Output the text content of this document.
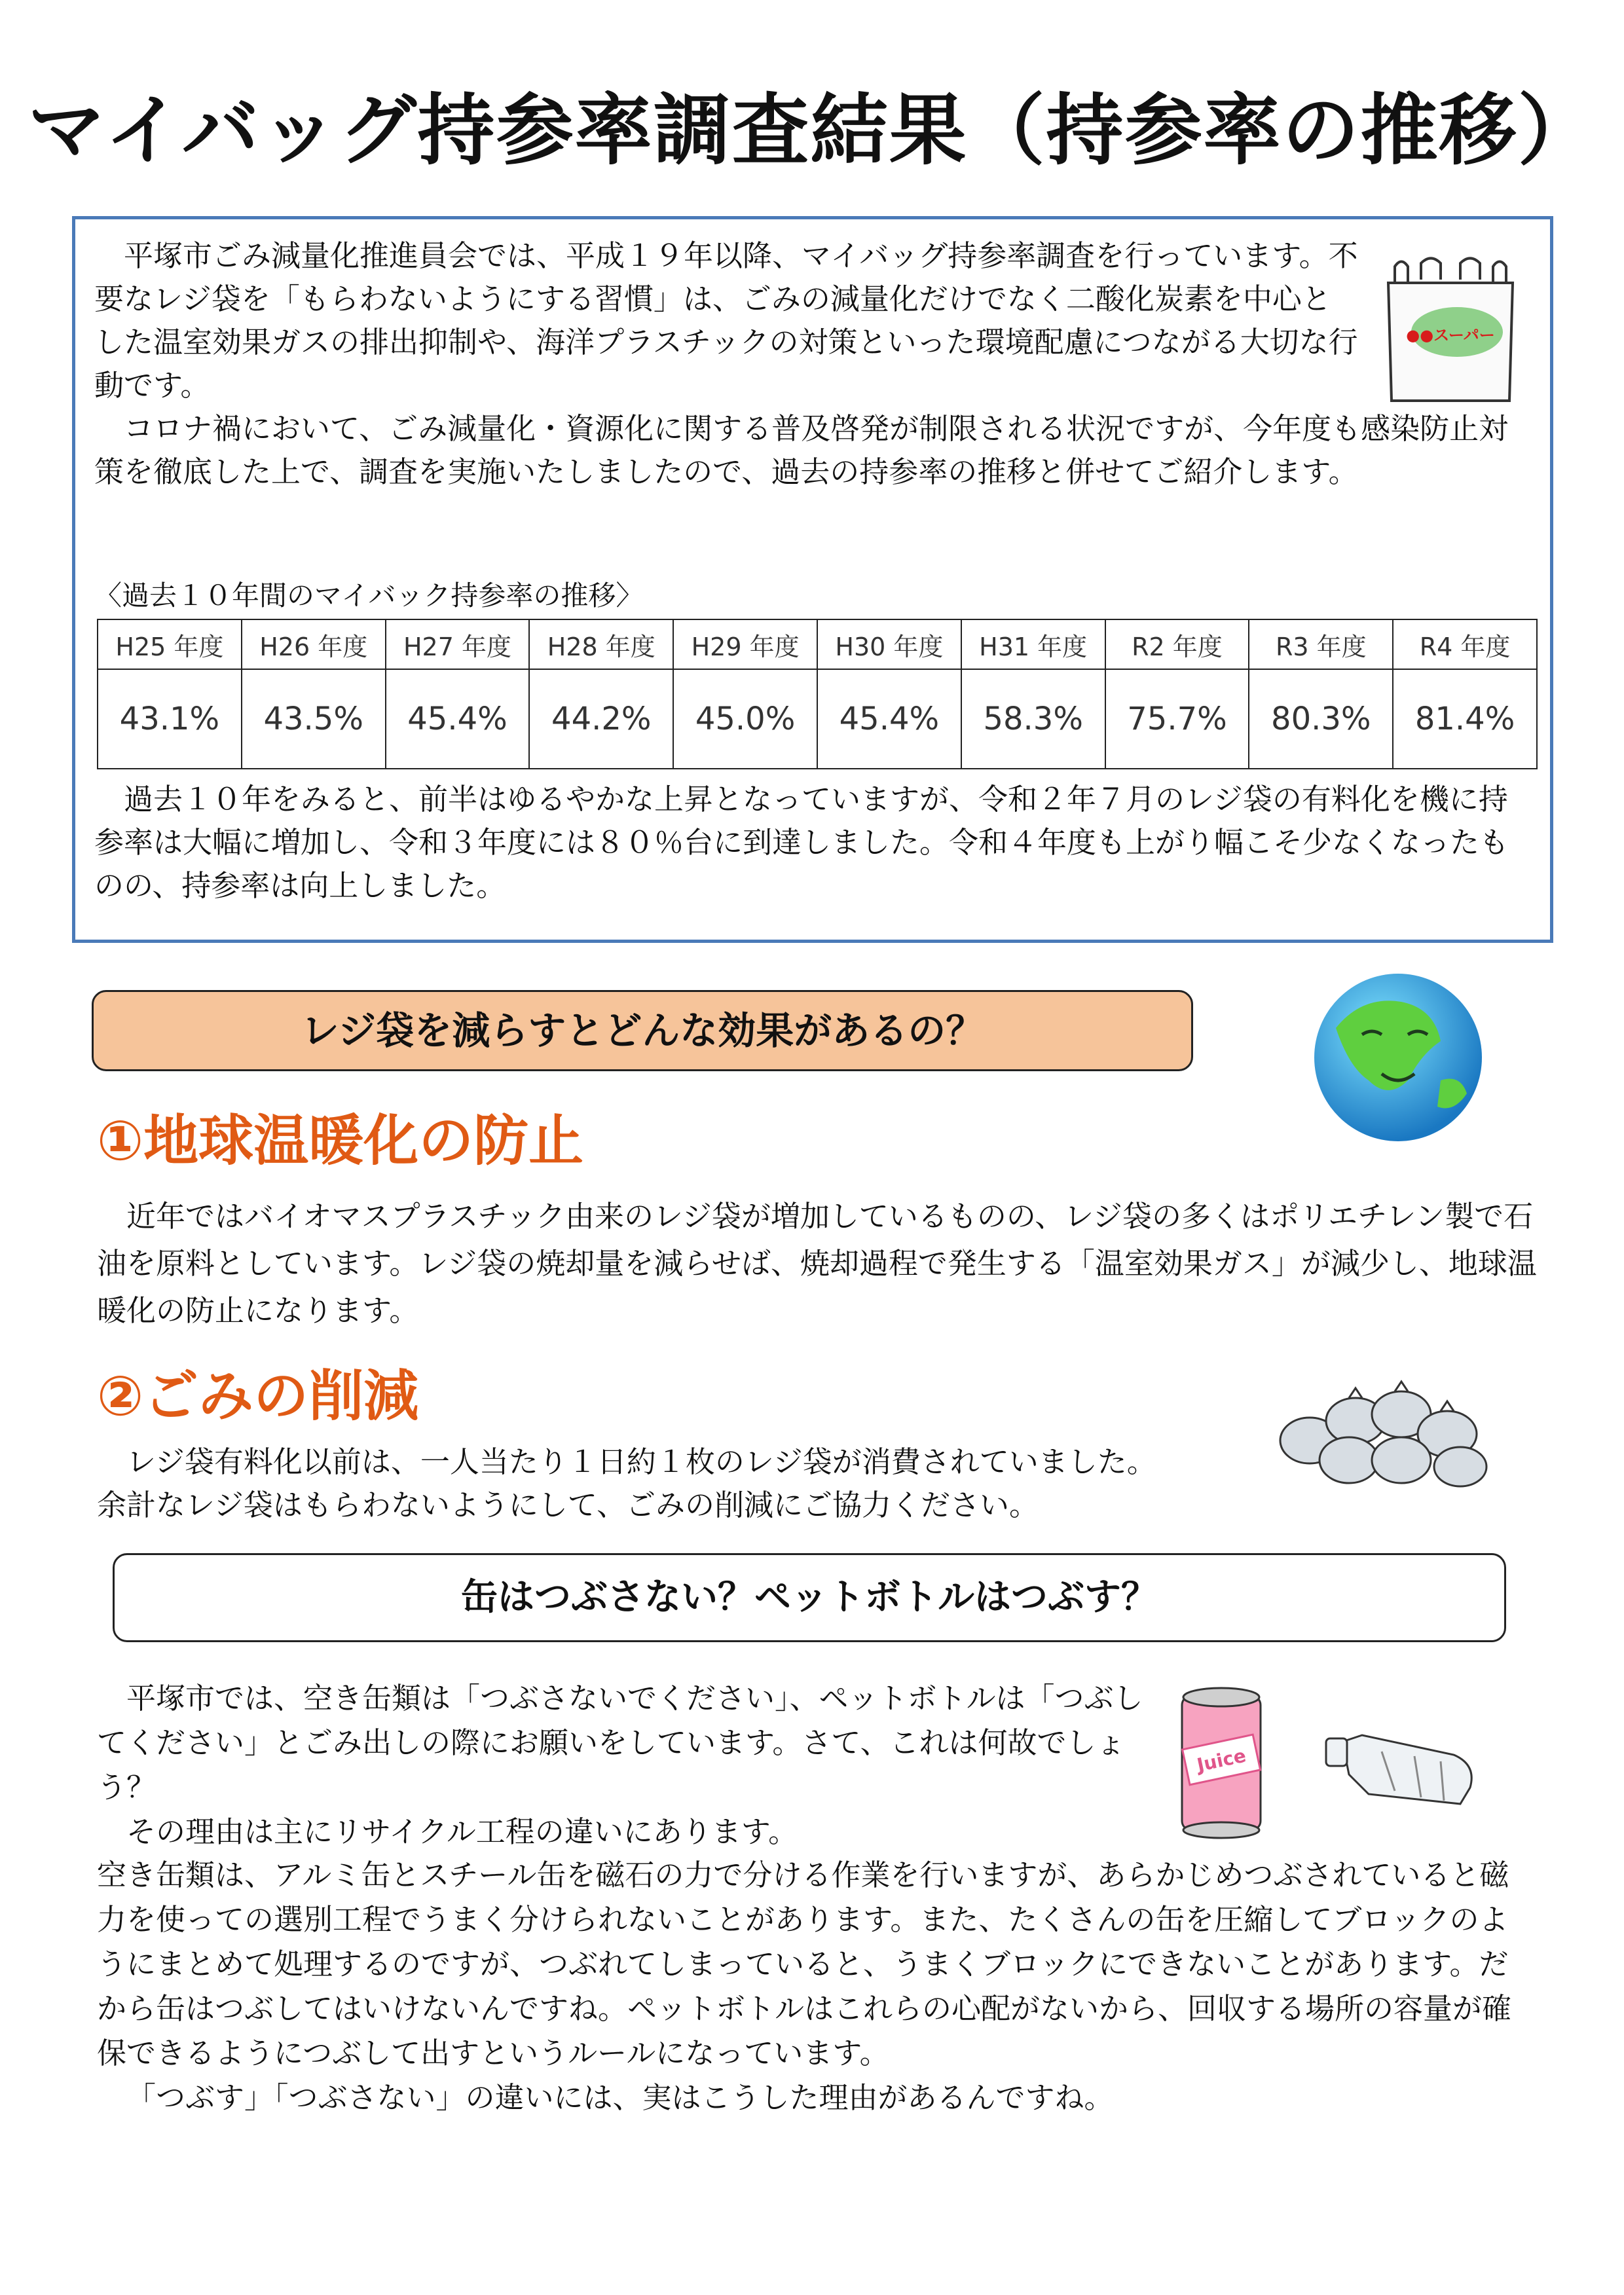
マイバッグ持参率調査結果（持参率の推移）

平塚市ごみ減量化推進員会では、平成１９年以降、マイバッグ持参率調査を行っています。不要なレジ袋を「もらわないようにする習慣」は、ごみの減量化だけでなく二酸化炭素を中心とした温室効果ガスの排出抑制や、海洋プラスチックの対策といった環境配慮につながる大切な行動です。

●●スーパー

コロナ禍において、ごみ減量化・資源化に関する普及啓発が制限される状況ですが、今年度も感染防止対策を徹底した上で、調査を実施いたしましたので、過去の持参率の推移と併せてご紹介します。

〈過去１０年間のマイバック持参率の推移〉
H25 年度	H26 年度	H27 年度	H28 年度	H29 年度	H30 年度	H31 年度	R2 年度	R3 年度	R4 年度
43.1%	43.5%	45.4%	44.2%	45.0%	45.4%	58.3%	75.7%	80.3%	81.4%

過去１０年をみると、前半はゆるやかな上昇となっていますが、令和２年７月のレジ袋の有料化を機に持参率は大幅に増加し、令和３年度には８０％台に到達しました。令和４年度も上がり幅こそ少なくなったものの、持参率は向上しました。

レジ袋を減らすとどんな効果があるの？
①地球温暖化の防止

近年ではバイオマスプラスチック由来のレジ袋が増加しているものの、レジ袋の多くはポリエチレン製で石油を原料としています。レジ袋の焼却量を減らせば、焼却過程で発生する「温室効果ガス」が減少し、地球温暖化の防止になります。

②ごみの削減

レジ袋有料化以前は、一人当たり１日約１枚のレジ袋が消費されていました。

余計なレジ袋はもらわないようにして、ごみの削減にご協力ください。

缶はつぶさない？ペットボトルはつぶす？

平塚市では、空き缶類は「つぶさないでください」、ペットボトルは「つぶしてください」とごみ出しの際にお願いをしています。さて、これは何故でしょう？

その理由は主にリサイクル工程の違いにあります。

Juice

空き缶類は、アルミ缶とスチール缶を磁石の力で分ける作業を行いますが、あらかじめつぶされていると磁力を使っての選別工程でうまく分けられないことがあります。また、たくさんの缶を圧縮してブロックのようにまとめて処理するのですが、つぶれてしまっていると、うまくブロックにできないことがあります。だから缶はつぶしてはいけないんですね。ペットボトルはこれらの心配がないから、回収する場所の容量が確保できるようにつぶして出すというルールになっています。

「つぶす」「つぶさない」の違いには、実はこうした理由があるんですね。
